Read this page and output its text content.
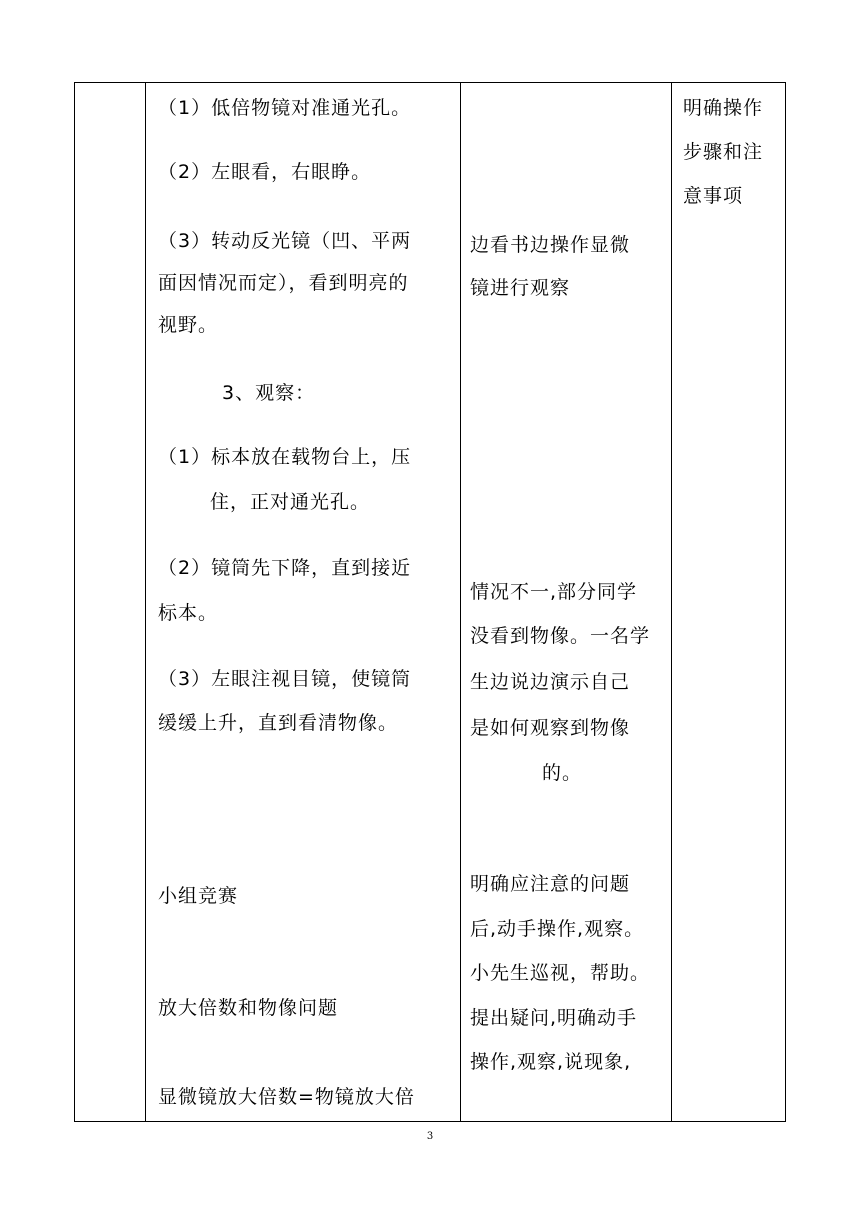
（1）低倍物镜对准通光孔。
（2）左眼看，右眼睁。
（3）转动反光镜（凹、平两
面因情况而定），看到明亮的
视野。
3、观察：
（1）标本放在载物台上，压
住，正对通光孔。
（2）镜筒先下降，直到接近
标本。
（3）左眼注视目镜，使镜筒
缓缓上升，直到看清物像。
小组竞赛
放大倍数和物像问题
显微镜放大倍数=物镜放大倍
边看书边操作显微
镜进行观察
情况不一,部分同学
没看到物像。一名学
生边说边演示自己
是如何观察到物像
的。
明确应注意的问题
后,动手操作,观察。
小先生巡视，帮助。
提出疑问,明确动手
操作,观察,说现象,
明确操作
步骤和注
意事项
3
